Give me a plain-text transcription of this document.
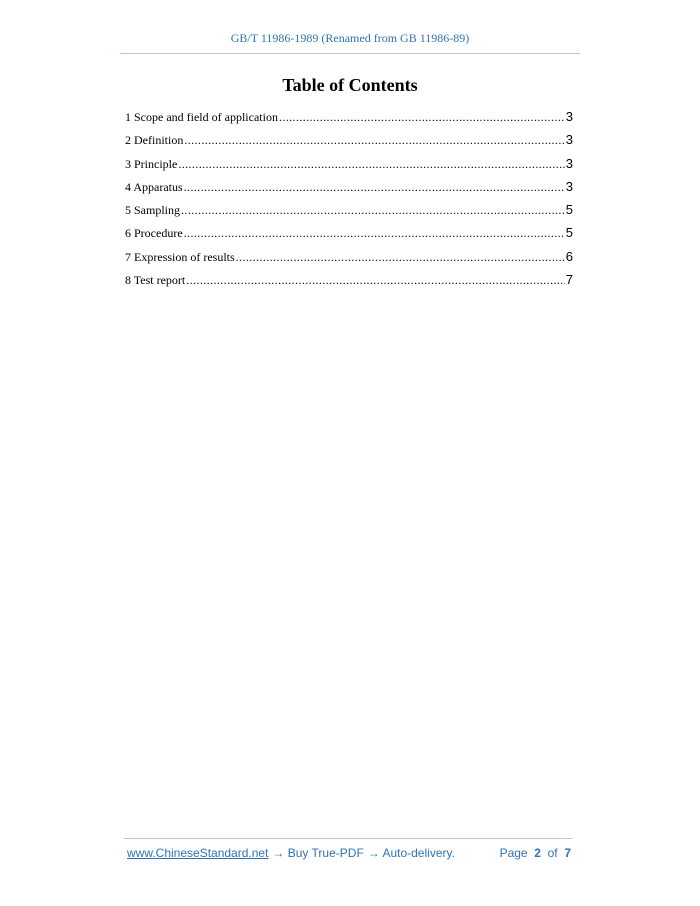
GB/T 11986-1989 (Renamed from GB 11986-89)
Table of Contents
1 Scope and field of application .....	3
2 Definition .....	3
3 Principle .....	3
4 Apparatus .....	3
5 Sampling .....	5
6 Procedure .....	5
7 Expression of results .....	6
8 Test report .....	7
www.ChineseStandard.net → Buy True-PDF → Auto-delivery.	Page 2 of 7
